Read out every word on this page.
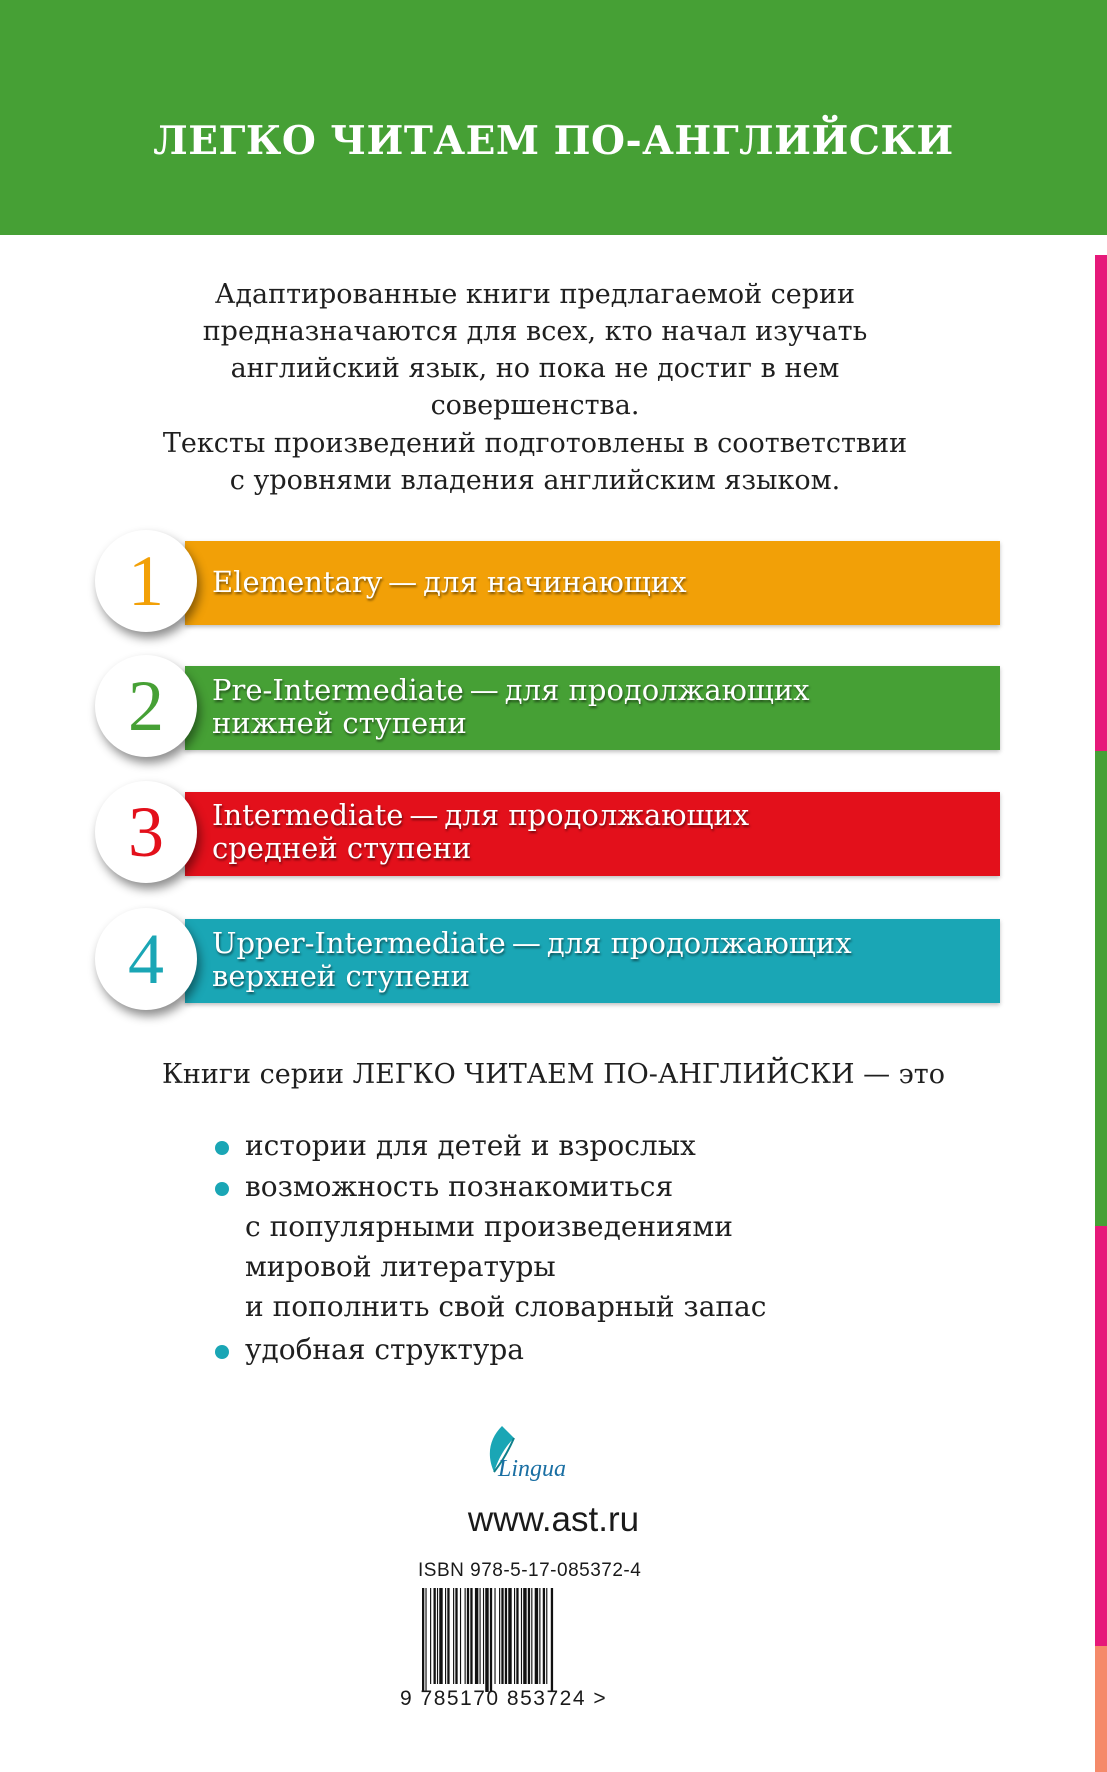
ЛЕГКО ЧИТАЕМ ПО-АНГЛИЙСКИ
Адаптированные книги предлагаемой серии
предназначаются для всех, кто начал изучать
английский язык, но пока не достиг в нем
совершенства.
Тексты произведений подготовлены в соответствии
с уровнями владения английским языком.
1 Elementary — для начинающих
2 Pre-Intermediate — для продолжающих
нижней ступени
3 Intermediate — для продолжающих
средней ступени
4 Upper-Intermediate — для продолжающих
верхней ступени
Книги серии ЛЕГКО ЧИТАЕМ ПО-АНГЛИЙСКИ — это
истории для детей и взрослых
возможность познакомиться
с популярными произведениями
мировой литературы
и пополнить свой словарный запас
удобная структура
Lingua
www.ast.ru
ISBN 978-5-17-085372-4
9 785170 853724 >
